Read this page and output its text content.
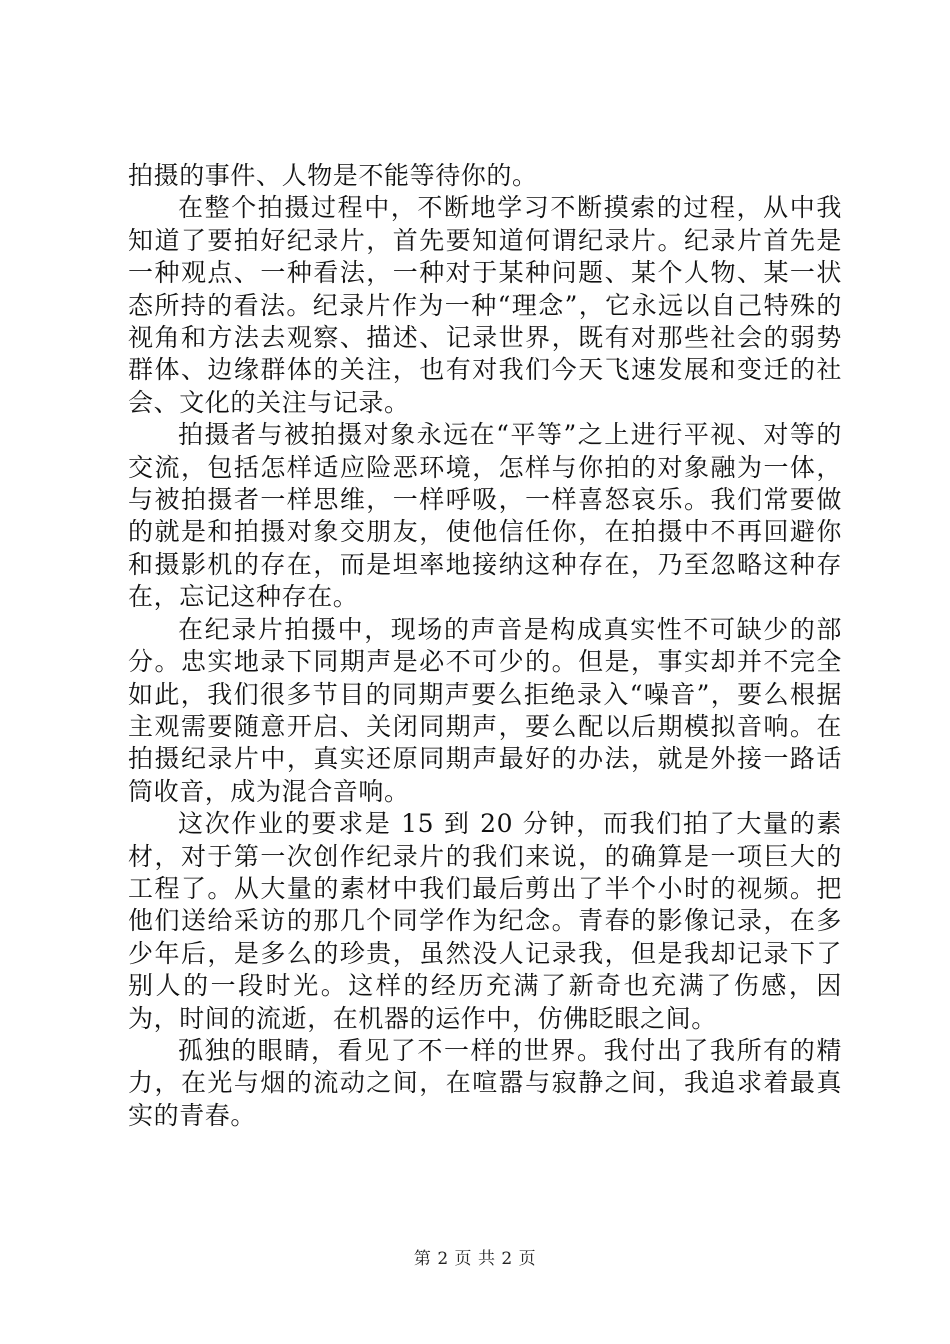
拍摄的事件、人物是不能等待你的。

在整个拍摄过程中，不断地学习不断摸索的过程，从中我知道了要拍好纪录片，首先要知道何谓纪录片。纪录片首先是一种观点、一种看法，一种对于某种问题、某个人物、某一状态所持的看法。纪录片作为一种“理念”，它永远以自己特殊的视角和方法去观察、描述、记录世界，既有对那些社会的弱势群体、边缘群体的关注，也有对我们今天飞速发展和变迁的社会、文化的关注与记录。

拍摄者与被拍摄对象永远在“平等”之上进行平视、对等的交流，包括怎样适应险恶环境，怎样与你拍的对象融为一体，与被拍摄者一样思维，一样呼吸，一样喜怒哀乐。我们常要做的就是和拍摄对象交朋友，使他信任你，在拍摄中不再回避你和摄影机的存在，而是坦率地接纳这种存在，乃至忽略这种存在，忘记这种存在。

在纪录片拍摄中，现场的声音是构成真实性不可缺少的部分。忠实地录下同期声是必不可少的。但是，事实却并不完全如此，我们很多节目的同期声要么拒绝录入“噪音”，要么根据主观需要随意开启、关闭同期声，要么配以后期模拟音响。在拍摄纪录片中，真实还原同期声最好的办法，就是外接一路话筒收音，成为混合音响。

这次作业的要求是 15 到 20 分钟，而我们拍了大量的素材，对于第一次创作纪录片的我们来说，的确算是一项巨大的工程了。从大量的素材中我们最后剪出了半个小时的视频。把他们送给采访的那几个同学作为纪念。青春的影像记录，在多少年后，是多么的珍贵，虽然没人记录我，但是我却记录下了别人的一段时光。这样的经历充满了新奇也充满了伤感，因为，时间的流逝，在机器的运作中，仿佛眨眼之间。

孤独的眼睛，看见了不一样的世界。我付出了我所有的精力，在光与烟的流动之间，在喧嚣与寂静之间，我追求着最真实的青春。

第 2 页 共 2 页
